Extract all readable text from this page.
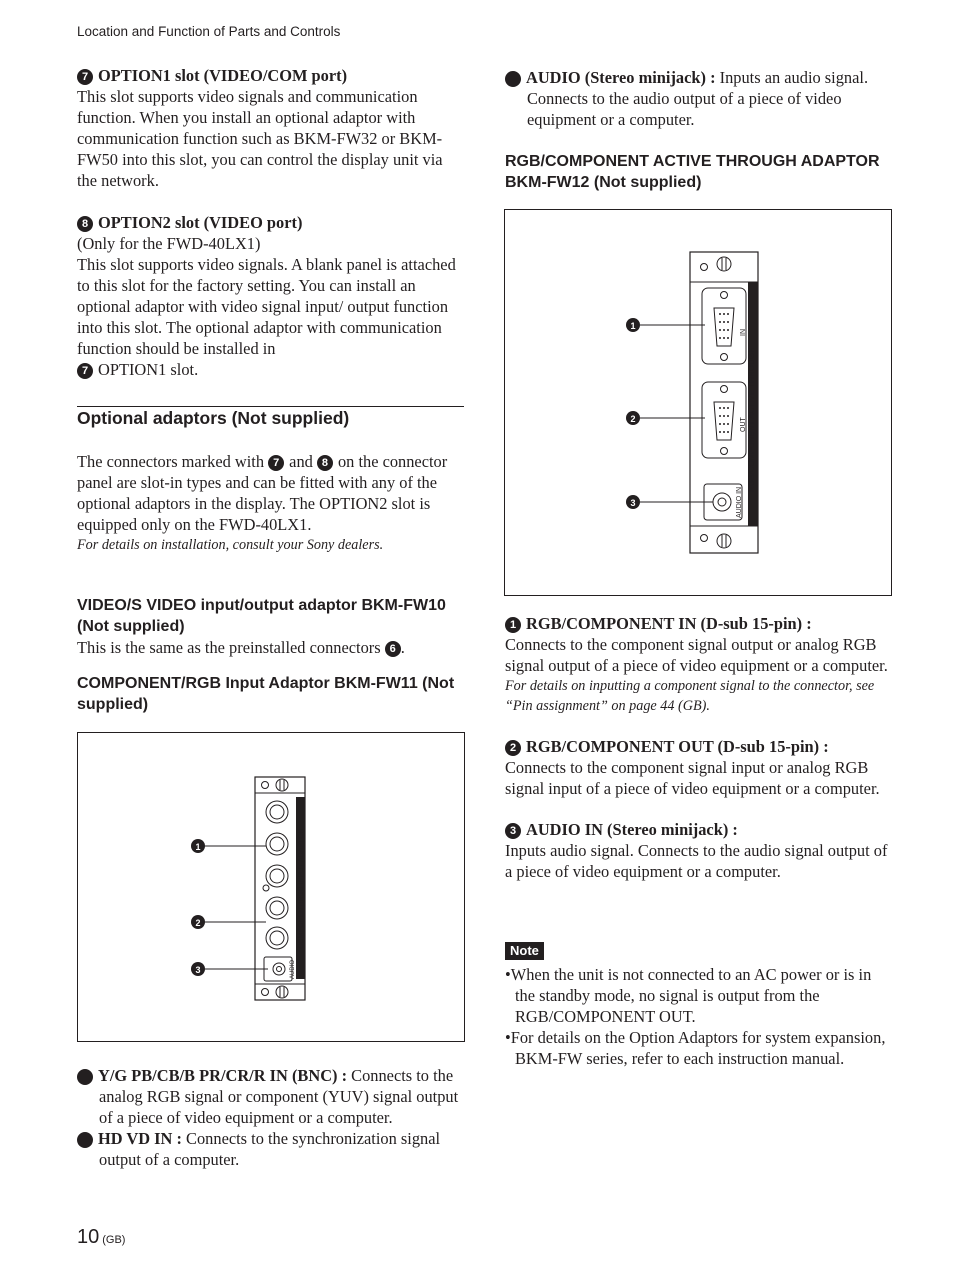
Location and Function of Parts and Controls

7 OPTION1 slot (VIDEO/COM port)

This slot supports video signals and communication function. When you install an optional adaptor with communication function such as BKM-FW32 or BKM-FW50 into this slot, you can control the display unit via the network.

8 OPTION2 slot (VIDEO port)

(Only for the FWD-40LX1)

This slot supports video signals. A blank panel is attached to this slot for the factory setting. You can install an optional adaptor with video signal input/ output function into this slot. The optional adaptor with communication function should be installed in
7 OPTION1 slot.

Optional adaptors (Not supplied)

The connectors marked with 7 and 8 on the connector panel are slot-in types and can be fitted with any of the optional adaptors in the display. The OPTION2 slot is equipped only on the FWD-40LX1.

For details on installation, consult your Sony dealers.

VIDEO/S VIDEO input/output adaptor BKM-FW10 (Not supplied)

This is the same as the preinstalled connectors 6 .

COMPONENT/RGB Input Adaptor BKM-FW11 (Not supplied)
COMPONENT/RGB INPUT ADAPTOR
AUDIO
1
2
3

1 Y/G PB/CB/B PR/CR/R IN (BNC) : Connects to the analog RGB signal or component (YUV) signal output of a piece of video equipment or a computer.

2 HD VD IN : Connects to the synchronization signal output of a computer.

3 AUDIO (Stereo minijack) : Inputs an audio signal. Connects to the audio output of a piece of video equipment or a computer.

RGB/COMPONENT ACTIVE THROUGH ADAPTOR BKM-FW12 (Not supplied)
RGB/COMPONENT ACTIVE THROUGH
IN
OUT
AUDIO IN
1
2
3

1 RGB/COMPONENT IN (D-sub 15-pin) :

Connects to the component signal output or analog RGB signal output of a piece of video equipment or a computer.

For details on inputting a component signal to the connector, see “Pin assignment” on page 44 (GB).

2 RGB/COMPONENT OUT (D-sub 15-pin) :

Connects to the component signal input or analog RGB signal input of a piece of video equipment or a computer.

3 AUDIO IN (Stereo minijack) :

Inputs audio signal. Connects to the audio signal output of a piece of video equipment or a computer.

Note

•When the unit is not connected to an AC power or is in the standby mode, no signal is output from the RGB/COMPONENT OUT.

•For details on the Option Adaptors for system expansion, BKM-FW series, refer to each instruction manual.

10 (GB)
